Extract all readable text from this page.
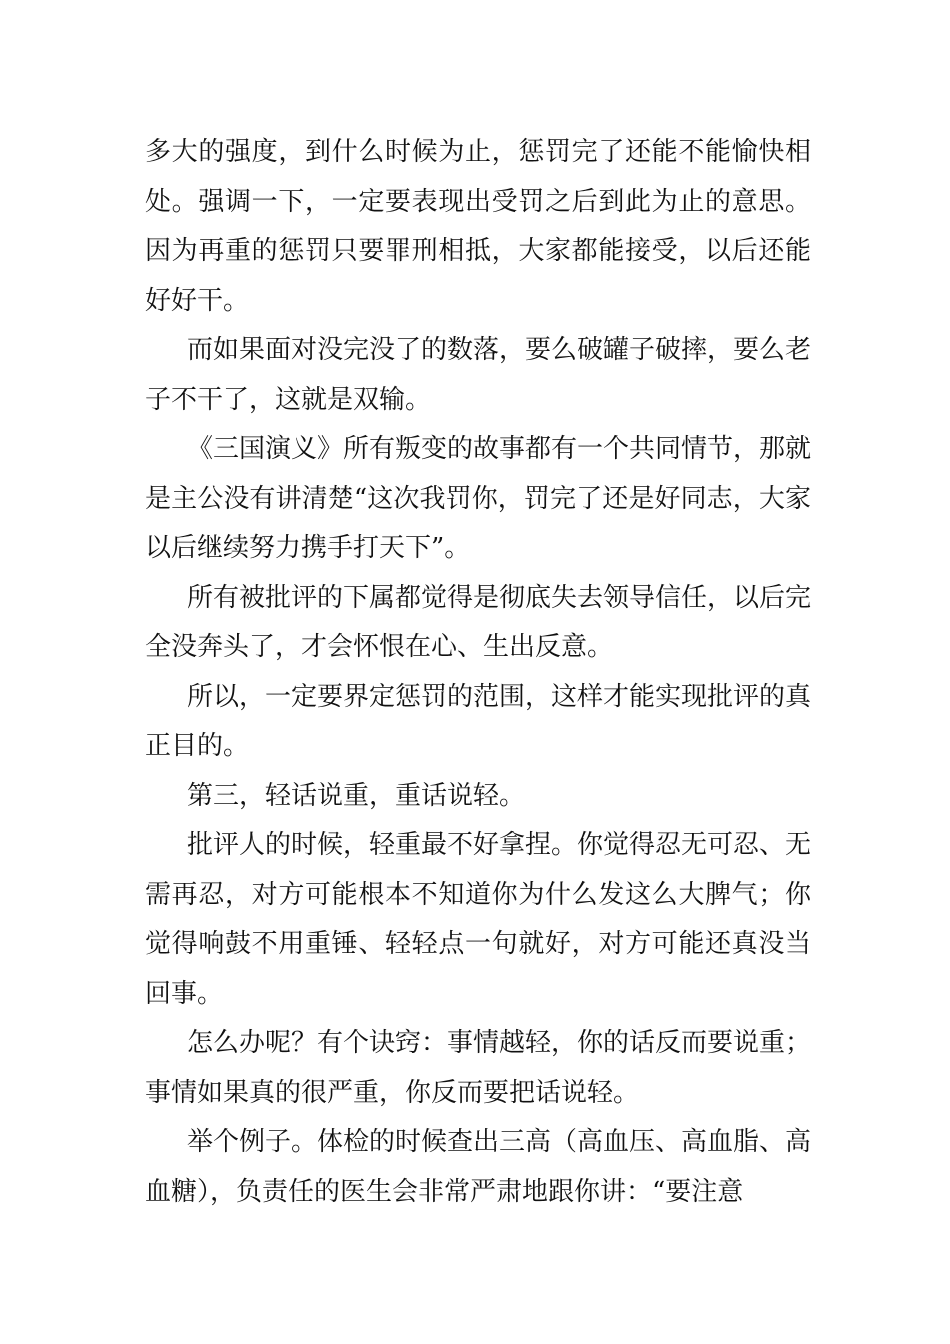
多大的强度，到什么时候为止，惩罚完了还能不能愉快相处。强调一下，一定要表现出受罚之后到此为止的意思。因为再重的惩罚只要罪刑相抵，大家都能接受，以后还能好好干。

而如果面对没完没了的数落，要么破罐子破摔，要么老子不干了，这就是双输。

《三国演义》所有叛变的故事都有一个共同情节，那就是主公没有讲清楚“这次我罚你，罚完了还是好同志，大家以后继续努力携手打天下”。

所有被批评的下属都觉得是彻底失去领导信任，以后完全没奔头了，才会怀恨在心、生出反意。

所以，一定要界定惩罚的范围，这样才能实现批评的真正目的。

第三，轻话说重，重话说轻。

批评人的时候，轻重最不好拿捏。你觉得忍无可忍、无需再忍，对方可能根本不知道你为什么发这么大脾气；你觉得响鼓不用重锤、轻轻点一句就好，对方可能还真没当回事。

怎么办呢？有个诀窍：事情越轻，你的话反而要说重；事情如果真的很严重，你反而要把话说轻。

举个例子。体检的时候查出三高（高血压、高血脂、高血糖），负责任的医生会非常严肃地跟你讲：“要注意
